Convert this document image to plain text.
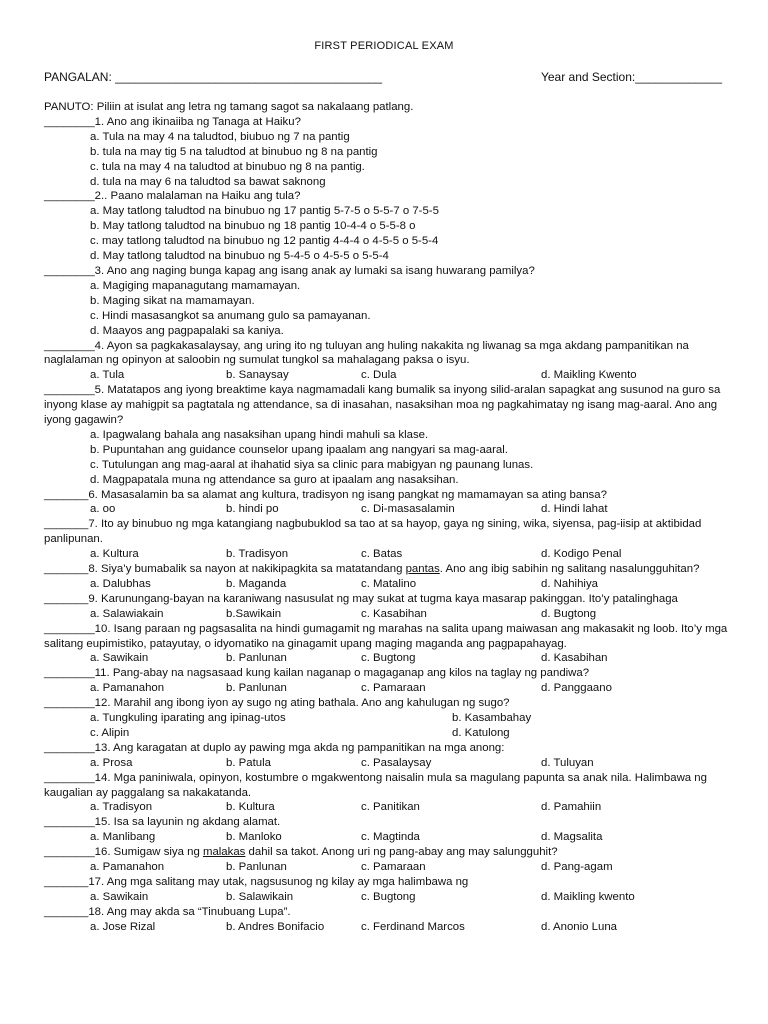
FIRST PERIODICAL EXAM
PANGALAN: ________________________________________	Year and Section:_____________
PANUTO: Piliin at isulat ang letra ng tamang sagot sa nakalaang patlang.
________1. Ano ang ikinaiiba ng Tanaga at Haiku?
a. Tula na may 4 na taludtod, biubuo ng 7 na pantig
b. tula na may tig 5 na taludtod at binubuo ng 8 na pantig
c. tula na may 4 na taludtod at binubuo ng 8 na pantig.
d. tula na may 6 na taludtod sa bawat saknong
________2.. Paano malalaman na Haiku ang tula?
a. May tatlong taludtod na binubuo ng 17 pantig 5-7-5 o 5-5-7 o 7-5-5
b. May tatlong taludtod na binubuo ng 18 pantig 10-4-4 o 5-5-8 o
c. may tatlong taludtod na binubuo ng 12 pantig 4-4-4 o 4-5-5 o 5-5-4
d. May tatlong taludtod na binubuo ng 5-4-5 o 4-5-5 o 5-5-4
________3. Ano ang naging bunga kapag ang isang anak ay lumaki sa isang huwarang pamilya?
a. Magiging mapanagutang mamamayan.
b. Maging sikat na mamamayan.
c. Hindi masasangkot sa anumang gulo sa pamayanan.
d. Maayos ang pagpapalaki sa kaniya.
________4. Ayon sa pagkakasalaysay, ang uring ito ng tuluyan ang huling nakakita ng liwanag sa mga akdang pampanitikan na naglalaman ng opinyon at saloobin ng sumulat tungkol sa mahalagang paksa o isyu.
a. Tula	b. Sanaysay	c. Dula	d. Maikling Kwento
________5. Matatapos ang iyong breaktime kaya nagmamadali kang bumalik sa inyong silid-aralan sapagkat ang susunod na guro sa inyong klase ay mahigpit sa pagtatala ng attendance, sa di inasahan, nasaksihan moa ng pagkahimatay ng isang mag-aaral. Ano ang iyong gagawin?
a. Ipagwalang bahala ang nasaksihan upang hindi mahuli sa klase.
b. Pupuntahan ang guidance counselor upang ipaalam ang nangyari sa mag-aaral.
c. Tutulungan ang mag-aaral at ihahatid siya sa clinic para mabigyan ng paunang lunas.
d. Magpapatala muna ng attendance sa guro at ipaalam ang nasaksihan.
_______6. Masasalamin ba sa alamat ang kultura, tradisyon ng isang pangkat ng mamamayan sa ating bansa?
a. oo	b. hindi po	c. Di-masasalamin	d. Hindi lahat
_______7. Ito ay binubuo ng mga katangiang nagbubuklod sa tao at sa hayop, gaya ng sining, wika, siyensa, pag-iisip at aktibidad panlipunan.
a. Kultura	b. Tradisyon	c. Batas	d. Kodigo Penal
_______8. Siya’y bumabalik sa nayon at nakikipagkita sa matatandang pantas. Ano ang ibig sabihin ng salitang nasalungguhitan?
a. Dalubhas	b. Maganda	c. Matalino	d. Nahihiya
_______9. Karunungang-bayan na karaniwang nasusulat ng may sukat at tugma kaya masarap pakinggan. Ito’y patalinghaga
a. Salawiakain	b.Sawikain	c. Kasabihan	d. Bugtong
________10. Isang paraan ng pagsasalita na hindi gumagamit ng marahas na salita upang maiwasan ang makasakit ng loob. Ito’y mga salitang eupimistiko, patayutay, o idyomatiko na ginagamit upang maging maganda ang pagpapahayag.
a. Sawikain	b. Panlunan	c. Bugtong	d. Kasabihan
________11. Pang-abay na nagsasaad kung kailan naganap o magaganap ang kilos na taglay ng pandiwa?
a. Pamanahon	b. Panlunan	c. Pamaraan	d. Panggaano
________12. Marahil ang ibong iyon ay sugo ng ating bathala. Ano ang kahulugan ng sugo?
a. Tungkuling iparating ang ipinag-utos	b. Kasambahay
c. Alipin	d. Katulong
________13. Ang karagatan at duplo ay pawing mga akda ng pampanitikan na mga anong:
a. Prosa	b. Patula	c. Pasalaysay	d. Tuluyan
________14. Mga paniniwala, opinyon, kostumbre o mgakwentong naisalin mula sa magulang papunta sa anak nila. Halimbawa ng kaugalian ay paggalang sa nakakatanda.
a. Tradisyon	b. Kultura	c. Panitikan	d. Pamahiin
________15. Isa sa layunin ng akdang alamat.
a. Manlibang	b. Manloko	c. Magtinda	d. Magsalita
________16. Sumigaw siya ng malakas dahil sa takot. Anong uri ng pang-abay ang may salungguhit?
a. Pamanahon	b. Panlunan	c. Pamaraan	d. Pang-agam
_______17. Ang mga salitang may utak, nagsusunog ng kilay ay mga halimbawa ng
a. Sawikain	b. Salawikain	c. Bugtong	d. Maikling kwento
_______18. Ang may akda sa “Tinubuang Lupa”.
a. Jose Rizal	b. Andres Bonifacio	c. Ferdinand Marcos	d. Anonio Luna
